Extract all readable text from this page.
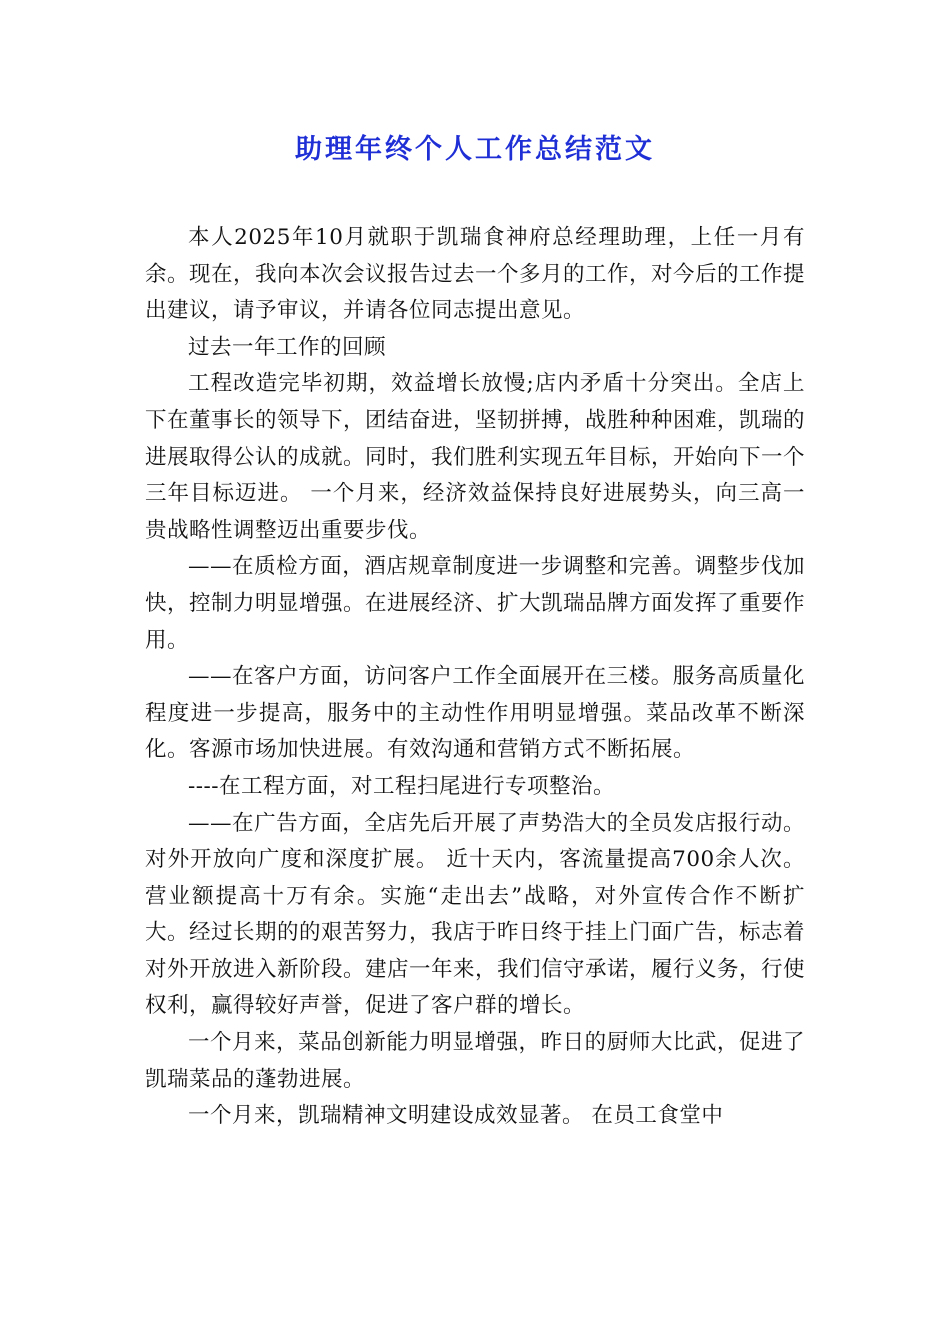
助理年终个人工作总结范文

本人2025年10月就职于凯瑞食神府总经理助理，上任一月有余。现在，我向本次会议报告过去一个多月的工作，对今后的工作提出建议，请予审议，并请各位同志提出意见。

过去一年工作的回顾

工程改造完毕初期，效益增长放慢;店内矛盾十分突出。全店上下在董事长的领导下，团结奋进，坚韧拼搏，战胜种种困难，凯瑞的进展取得公认的成就。同时，我们胜利实现五年目标，开始向下一个三年目标迈进。 一个月来，经济效益保持良好进展势头，向三高一贵战略性调整迈出重要步伐。

——在质检方面，酒店规章制度进一步调整和完善。调整步伐加快，控制力明显增强。在进展经济、扩大凯瑞品牌方面发挥了重要作用。

——在客户方面，访问客户工作全面展开在三楼。服务高质量化程度进一步提高，服务中的主动性作用明显增强。菜品改革不断深化。客源市场加快进展。有效沟通和营销方式不断拓展。

----在工程方面，对工程扫尾进行专项整治。

——在广告方面，全店先后开展了声势浩大的全员发店报行动。对外开放向广度和深度扩展。 近十天内，客流量提高700余人次。营业额提高十万有余。实施“走出去”战略，对外宣传合作不断扩大。经过长期的的艰苦努力，我店于昨日终于挂上门面广告，标志着对外开放进入新阶段。建店一年来，我们信守承诺，履行义务，行使权利，赢得较好声誉，促进了客户群的增长。

一个月来，菜品创新能力明显增强，昨日的厨师大比武，促进了凯瑞菜品的蓬勃进展。

一个月来，凯瑞精神文明建设成效显著。 在员工食堂中
